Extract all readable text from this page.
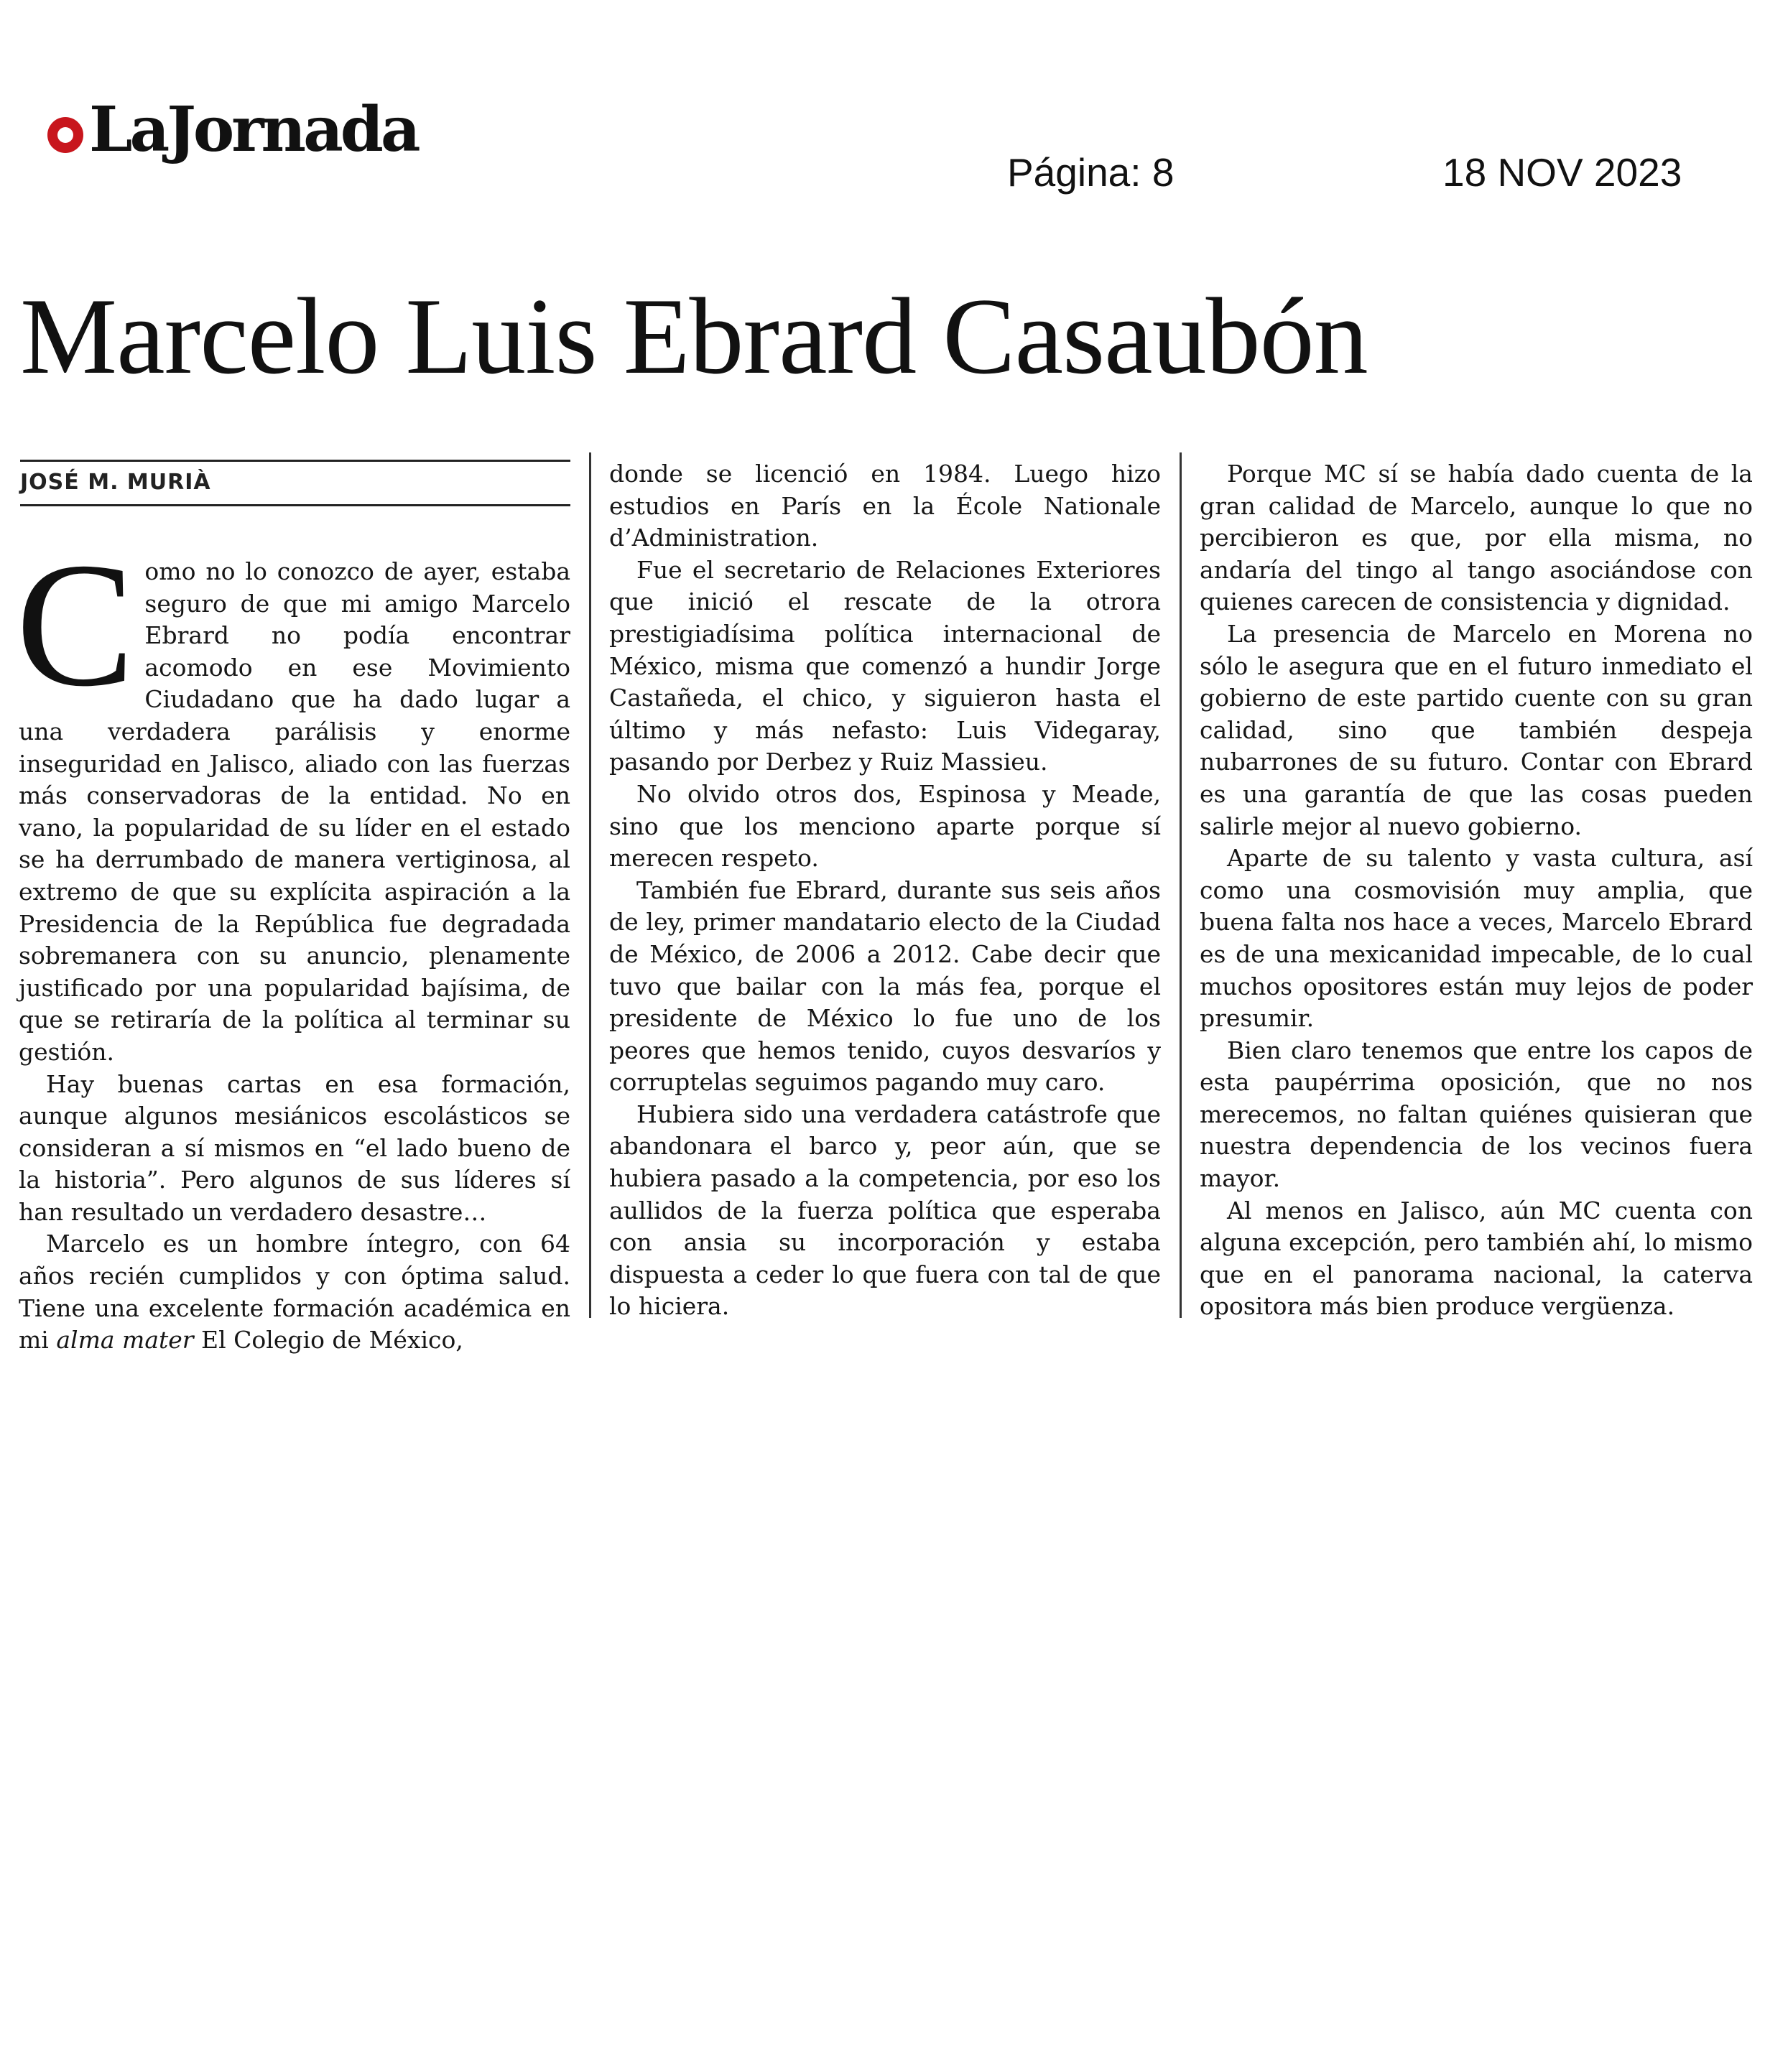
LaJornada
Página: 8	18 NOV 2023
Marcelo Luis Ebrard Casaubón
JOSÉ M. MURIÀ

Como no lo conozco de ayer, estaba seguro de que mi amigo Marcelo Ebrard no podía encontrar acomodo en ese Movimiento Ciudadano que ha dado lugar a una verdadera parálisis y enorme inseguridad en Jalisco, aliado con las fuerzas más conservadoras de la entidad. No en vano, la popularidad de su líder en el estado se ha derrumbado de manera vertiginosa, al extremo de que su explícita aspiración a la Presidencia de la República fue degradada sobremanera con su anuncio, plenamente justificado por una popularidad bajísima, de que se retiraría de la política al terminar su gestión.

Hay buenas cartas en esa formación, aunque algunos mesiánicos escolásticos se consideran a sí mismos en “el lado bueno de la historia”. Pero algunos de sus líderes sí han resultado un verdadero desastre…

Marcelo es un hombre íntegro, con 64 años recién cumplidos y con óptima salud. Tiene una excelente formación académica en mi alma mater El Colegio de México,

donde se licenció en 1984. Luego hizo estudios en París en la École Nationale d’Administration.

Fue el secretario de Relaciones Exteriores que inició el rescate de la otrora prestigiadísima política internacional de México, misma que comenzó a hundir Jorge Castañeda, el chico, y siguieron hasta el último y más nefasto: Luis Videgaray, pasando por Derbez y Ruiz Massieu.

No olvido otros dos, Espinosa y Meade, sino que los menciono aparte porque sí merecen respeto.

También fue Ebrard, durante sus seis años de ley, primer mandatario electo de la Ciudad de México, de 2006 a 2012. Cabe decir que tuvo que bailar con la más fea, porque el presidente de México lo fue uno de los peores que hemos tenido, cuyos desvaríos y corruptelas seguimos pagando muy caro.

Hubiera sido una verdadera catástrofe que abandonara el barco y, peor aún, que se hubiera pasado a la competencia, por eso los aullidos de la fuerza política que esperaba con ansia su incorporación y estaba dispuesta a ceder lo que fuera con tal de que lo hiciera.

Porque MC sí se había dado cuenta de la gran calidad de Marcelo, aunque lo que no percibieron es que, por ella misma, no andaría del tingo al tango asociándose con quienes carecen de consistencia y dignidad.

La presencia de Marcelo en Morena no sólo le asegura que en el futuro inmediato el gobierno de este partido cuente con su gran calidad, sino que también despeja nubarrones de su futuro. Contar con Ebrard es una garantía de que las cosas pueden salirle mejor al nuevo gobierno.

Aparte de su talento y vasta cultura, así como una cosmovisión muy amplia, que buena falta nos hace a veces, Marcelo Ebrard es de una mexicanidad impecable, de lo cual muchos opositores están muy lejos de poder presumir.

Bien claro tenemos que entre los capos de esta paupérrima oposición, que no nos merecemos, no faltan quiénes quisieran que nuestra dependencia de los vecinos fuera mayor.

Al menos en Jalisco, aún MC cuenta con alguna excepción, pero también ahí, lo mismo que en el panorama nacional, la caterva opositora más bien produce vergüenza.
